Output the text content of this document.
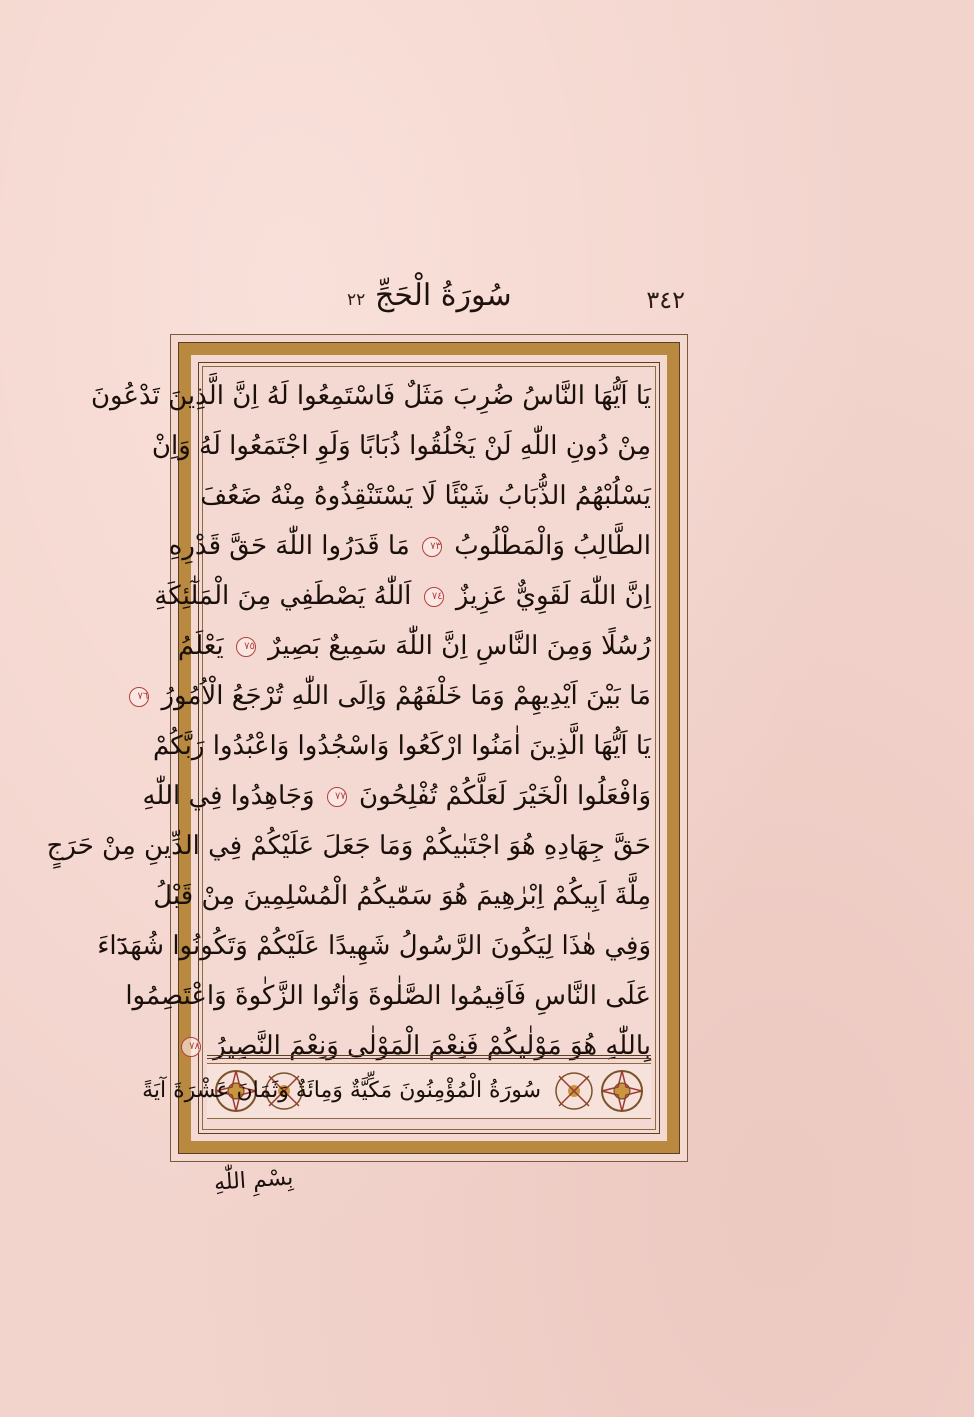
٣٤٢
سُورَةُ الْحَجِّ
٢٢
يَا اَيُّهَا النَّاسُ ضُرِبَ مَثَلٌ فَاسْتَمِعُوا لَهُ اِنَّ الَّذِينَ تَدْعُونَ
مِنْ دُونِ اللّٰهِ لَنْ يَخْلُقُوا ذُبَابًا وَلَوِ اجْتَمَعُوا لَهُ وَاِنْ
يَسْلُبْهُمُ الذُّبَابُ شَيْئًا لَا يَسْتَنْقِذُوهُ مِنْهُ ضَعُفَ
الطَّالِبُ وَالْمَطْلُوبُ ٧٣ مَا قَدَرُوا اللّٰهَ حَقَّ قَدْرِهِ
اِنَّ اللّٰهَ لَقَوِيٌّ عَزِيزٌ ٧٤ اَللّٰهُ يَصْطَفِي مِنَ الْمَلٰٓئِكَةِ
رُسُلًا وَمِنَ النَّاسِ اِنَّ اللّٰهَ سَمِيعٌ بَصِيرٌ ٧٥ يَعْلَمُ
مَا بَيْنَ اَيْدِيهِمْ وَمَا خَلْفَهُمْ وَاِلَى اللّٰهِ تُرْجَعُ الْاُمُورُ ٧٦
يَا اَيُّهَا الَّذِينَ اٰمَنُوا ارْكَعُوا وَاسْجُدُوا وَاعْبُدُوا رَبَّكُمْ
وَافْعَلُوا الْخَيْرَ لَعَلَّكُمْ تُفْلِحُونَ ٧٧ وَجَاهِدُوا فِي اللّٰهِ
حَقَّ جِهَادِهِ هُوَ اجْتَبٰيكُمْ وَمَا جَعَلَ عَلَيْكُمْ فِي الدِّينِ مِنْ حَرَجٍ
مِلَّةَ اَبِيكُمْ اِبْرٰهِيمَ هُوَ سَمّٰيكُمُ الْمُسْلِمِينَ مِنْ قَبْلُ
وَفِي هٰذَا لِيَكُونَ الرَّسُولُ شَهِيدًا عَلَيْكُمْ وَتَكُونُوا شُهَدَٓاءَ
عَلَى النَّاسِ فَاَقِيمُوا الصَّلٰوةَ وَاٰتُوا الزَّكٰوةَ وَاعْتَصِمُوا
بِاللّٰهِ هُوَ مَوْلٰيكُمْ فَنِعْمَ الْمَوْلٰى وَنِعْمَ النَّصِيرُ ٧٨
سُورَةُ الْمُؤْمِنُونَ مَكِّيَّةٌ وَمِائَةٌ وَثَمَانَ عَشْرَةَ آيَةً
بِسْمِ اللّٰهِ
